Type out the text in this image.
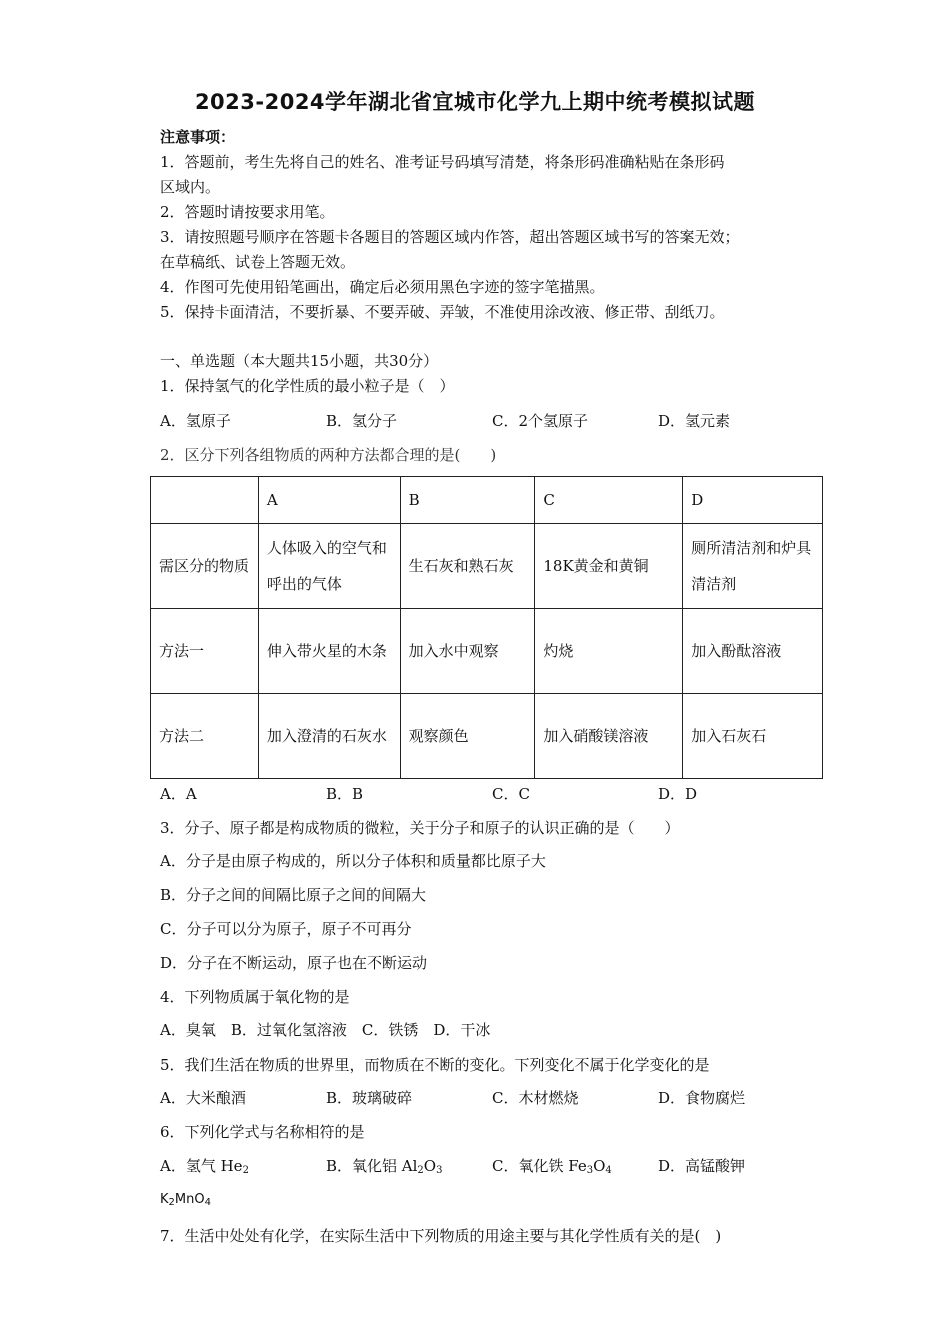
2023-2024学年湖北省宜城市化学九上期中统考模拟试题
注意事项：
1．答题前，考生先将自己的姓名、准考证号码填写清楚，将条形码准确粘贴在条形码
区域内。
2．答题时请按要求用笔。
3．请按照题号顺序在答题卡各题目的答题区域内作答，超出答题区域书写的答案无效；
在草稿纸、试卷上答题无效。
4．作图可先使用铅笔画出，确定后必须用黑色字迹的签字笔描黑。
5．保持卡面清洁，不要折暴、不要弄破、弄皱，不准使用涂改液、修正带、刮纸刀。
一、单选题（本大题共15小题，共30分）
1．保持氢气的化学性质的最小粒子是（　）
A．氢原子	B．氢分子	C．2个氢原子	D．氢元素
2．区分下列各组物质的两种方法都合理的是(　　)
	A	B	C	D
需区分的物质	人体吸入的空气和呼出的气体	生石灰和熟石灰	18K黄金和黄铜	厕所清洁剂和炉具清洁剂
方法一	伸入带火星的木条	加入水中观察	灼烧	加入酚酞溶液
方法二	加入澄清的石灰水	观察颜色	加入硝酸镁溶液	加入石灰石
A．A	B．B	C．C	D．D
3．分子、原子都是构成物质的微粒，关于分子和原子的认识正确的是（　　）
A．分子是由原子构成的，所以分子体积和质量都比原子大
B．分子之间的间隔比原子之间的间隔大
C．分子可以分为原子，原子不可再分
D．分子在不断运动，原子也在不断运动
4．下列物质属于氧化物的是
A．臭氧　B．过氧化氢溶液　C．铁锈　D．干冰
5．我们生活在物质的世界里，而物质在不断的变化。下列变化不属于化学变化的是
A．大米酿酒	B．玻璃破碎	C．木材燃烧	D．食物腐烂
6．下列化学式与名称相符的是
A．氢气 $He_2$	B．氧化铝 $Al_2O_3$	C．氧化铁 $Fe_3O_4$	D．高锰酸钾
$K_2MnO_4$
7．生活中处处有化学，在实际生活中下列物质的用途主要与其化学性质有关的是(　)
